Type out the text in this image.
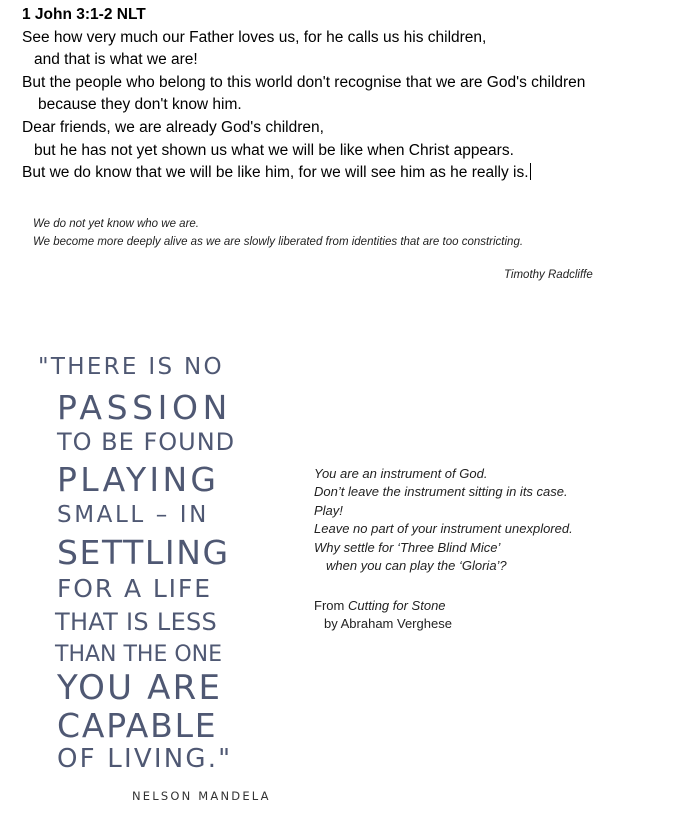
1 John 3:1-2 NLT
See how very much our Father loves us, for he calls us his children,
and that is what we are!
But the people who belong to this world don't recognise that we are God's children
because they don't know him.
Dear friends, we are already God's children,
but he has not yet shown us what we will be like when Christ appears.
But we do know that we will be like him, for we will see him as he really is.
We do not yet know who we are.
We become more deeply alive as we are slowly liberated from identities that are too constricting.
Timothy Radcliffe
"THERE IS NO
PASSION
TO BE FOUND
PLAYING
SMALL – IN
SETTLING
FOR A LIFE
THAT IS LESS
THAN THE ONE
YOU ARE
CAPABLE
OF LIVING."
NELSON MANDELA
You are an instrument of God.
Don’t leave the instrument sitting in its case.
Play!
Leave no part of your instrument unexplored.
Why settle for ‘Three Blind Mice’
when you can play the ‘Gloria’?
From Cutting for Stone
by Abraham Verghese
